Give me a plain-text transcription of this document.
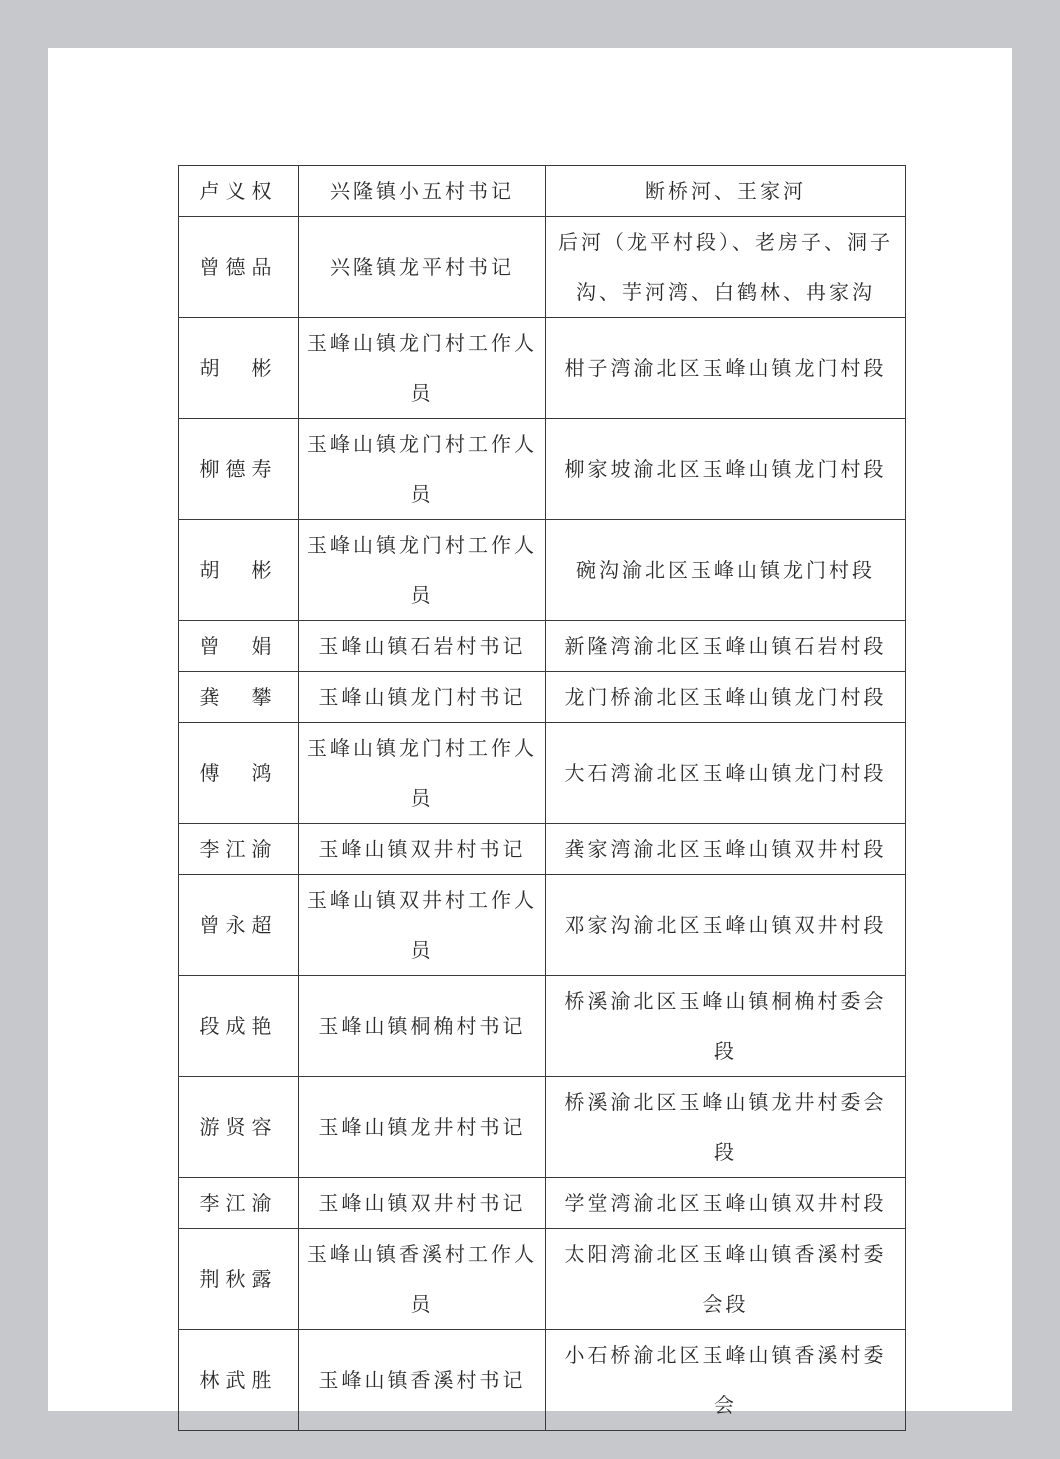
卢义权	兴隆镇小五村书记	断桥河、王家河
曾德品	兴隆镇龙平村书记	后河（龙平村段）、老房子、洞子沟、芋河湾、白鹤林、冉家沟
胡　彬	玉峰山镇龙门村工作人员	柑子湾渝北区玉峰山镇龙门村段
柳德寿	玉峰山镇龙门村工作人员	柳家坡渝北区玉峰山镇龙门村段
胡　彬	玉峰山镇龙门村工作人员	碗沟渝北区玉峰山镇龙门村段
曾　娟	玉峰山镇石岩村书记	新隆湾渝北区玉峰山镇石岩村段
龚　攀	玉峰山镇龙门村书记	龙门桥渝北区玉峰山镇龙门村段
傅　鸿	玉峰山镇龙门村工作人员	大石湾渝北区玉峰山镇龙门村段
李江渝	玉峰山镇双井村书记	龚家湾渝北区玉峰山镇双井村段
曾永超	玉峰山镇双井村工作人员	邓家沟渝北区玉峰山镇双井村段
段成艳	玉峰山镇桐桷村书记	桥溪渝北区玉峰山镇桐桷村委会段
游贤容	玉峰山镇龙井村书记	桥溪渝北区玉峰山镇龙井村委会段
李江渝	玉峰山镇双井村书记	学堂湾渝北区玉峰山镇双井村段
荆秋露	玉峰山镇香溪村工作人员	太阳湾渝北区玉峰山镇香溪村委会段
林武胜	玉峰山镇香溪村书记	小石桥渝北区玉峰山镇香溪村委会
